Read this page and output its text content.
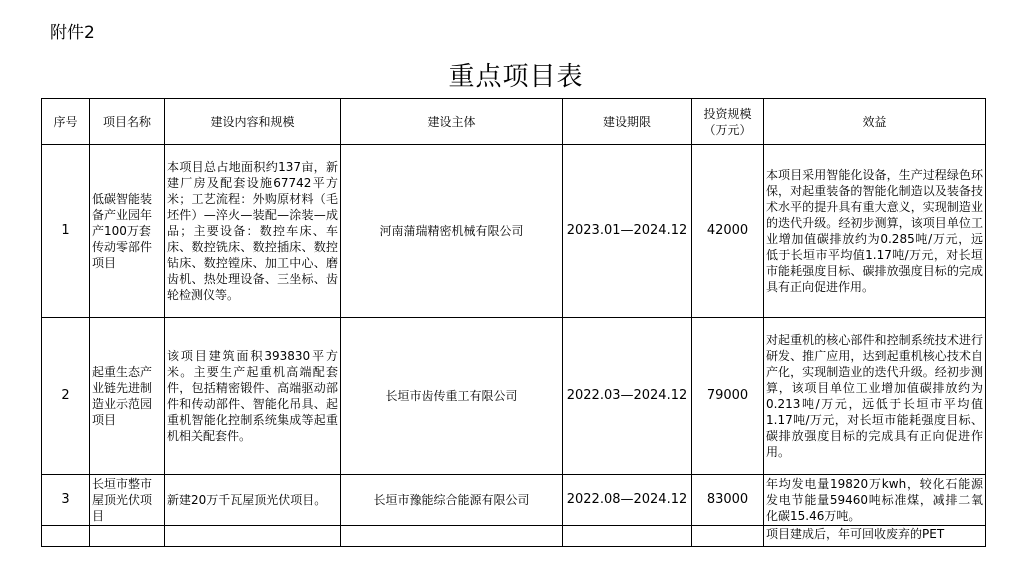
附件2
重点项目表
序号	项目名称	建设内容和规模	建设主体	建设期限	投资规模（万元）	效益
1	低碳智能装备产业园年产100万套传动零部件项目	本项目总占地面积约137亩，新建厂房及配套设施67742平方米；工艺流程：外购原材料（毛坯件）—淬火—装配—涂装—成品；主要设备：数控车床、车床、数控铣床、数控插床、数控钻床、数控镗床、加工中心、磨齿机、热处理设备、三坐标、齿轮检测仪等。	河南蒲瑞精密机械有限公司	2023.01—2024.12	42000	本项目采用智能化设备，生产过程绿色环保，对起重装备的智能化制造以及装备技术水平的提升具有重大意义，实现制造业的迭代升级。经初步测算，该项目单位工业增加值碳排放约为0.285吨/万元，远低于长垣市平均值1.17吨/万元，对长垣市能耗强度目标、碳排放强度目标的完成具有正向促进作用。
2	起重生态产业链先进制造业示范园项目	该项目建筑面积393830平方米。主要生产起重机高端配套件，包括精密锻件、高端驱动部件和传动部件、智能化吊具、起重机智能化控制系统集成等起重机相关配套件。	长垣市齿传重工有限公司	2022.03—2024.12	79000	对起重机的核心部件和控制系统技术进行研发、推广应用，达到起重机核心技术自产化，实现制造业的迭代升级。经初步测算，该项目单位工业增加值碳排放约为0.213吨/万元，远低于长垣市平均值1.17吨/万元，对长垣市能耗强度目标、碳排放强度目标的完成具有正向促进作用。
3	长垣市整市屋顶光伏项目	新建20万千瓦屋顶光伏项目。	长垣市豫能综合能源有限公司	2022.08—2024.12	83000	年均发电量19820万kwh，较化石能源发电节能量59460吨标准煤，减排二氧化碳15.46万吨。
						项目建成后，年可回收废弃的PET
